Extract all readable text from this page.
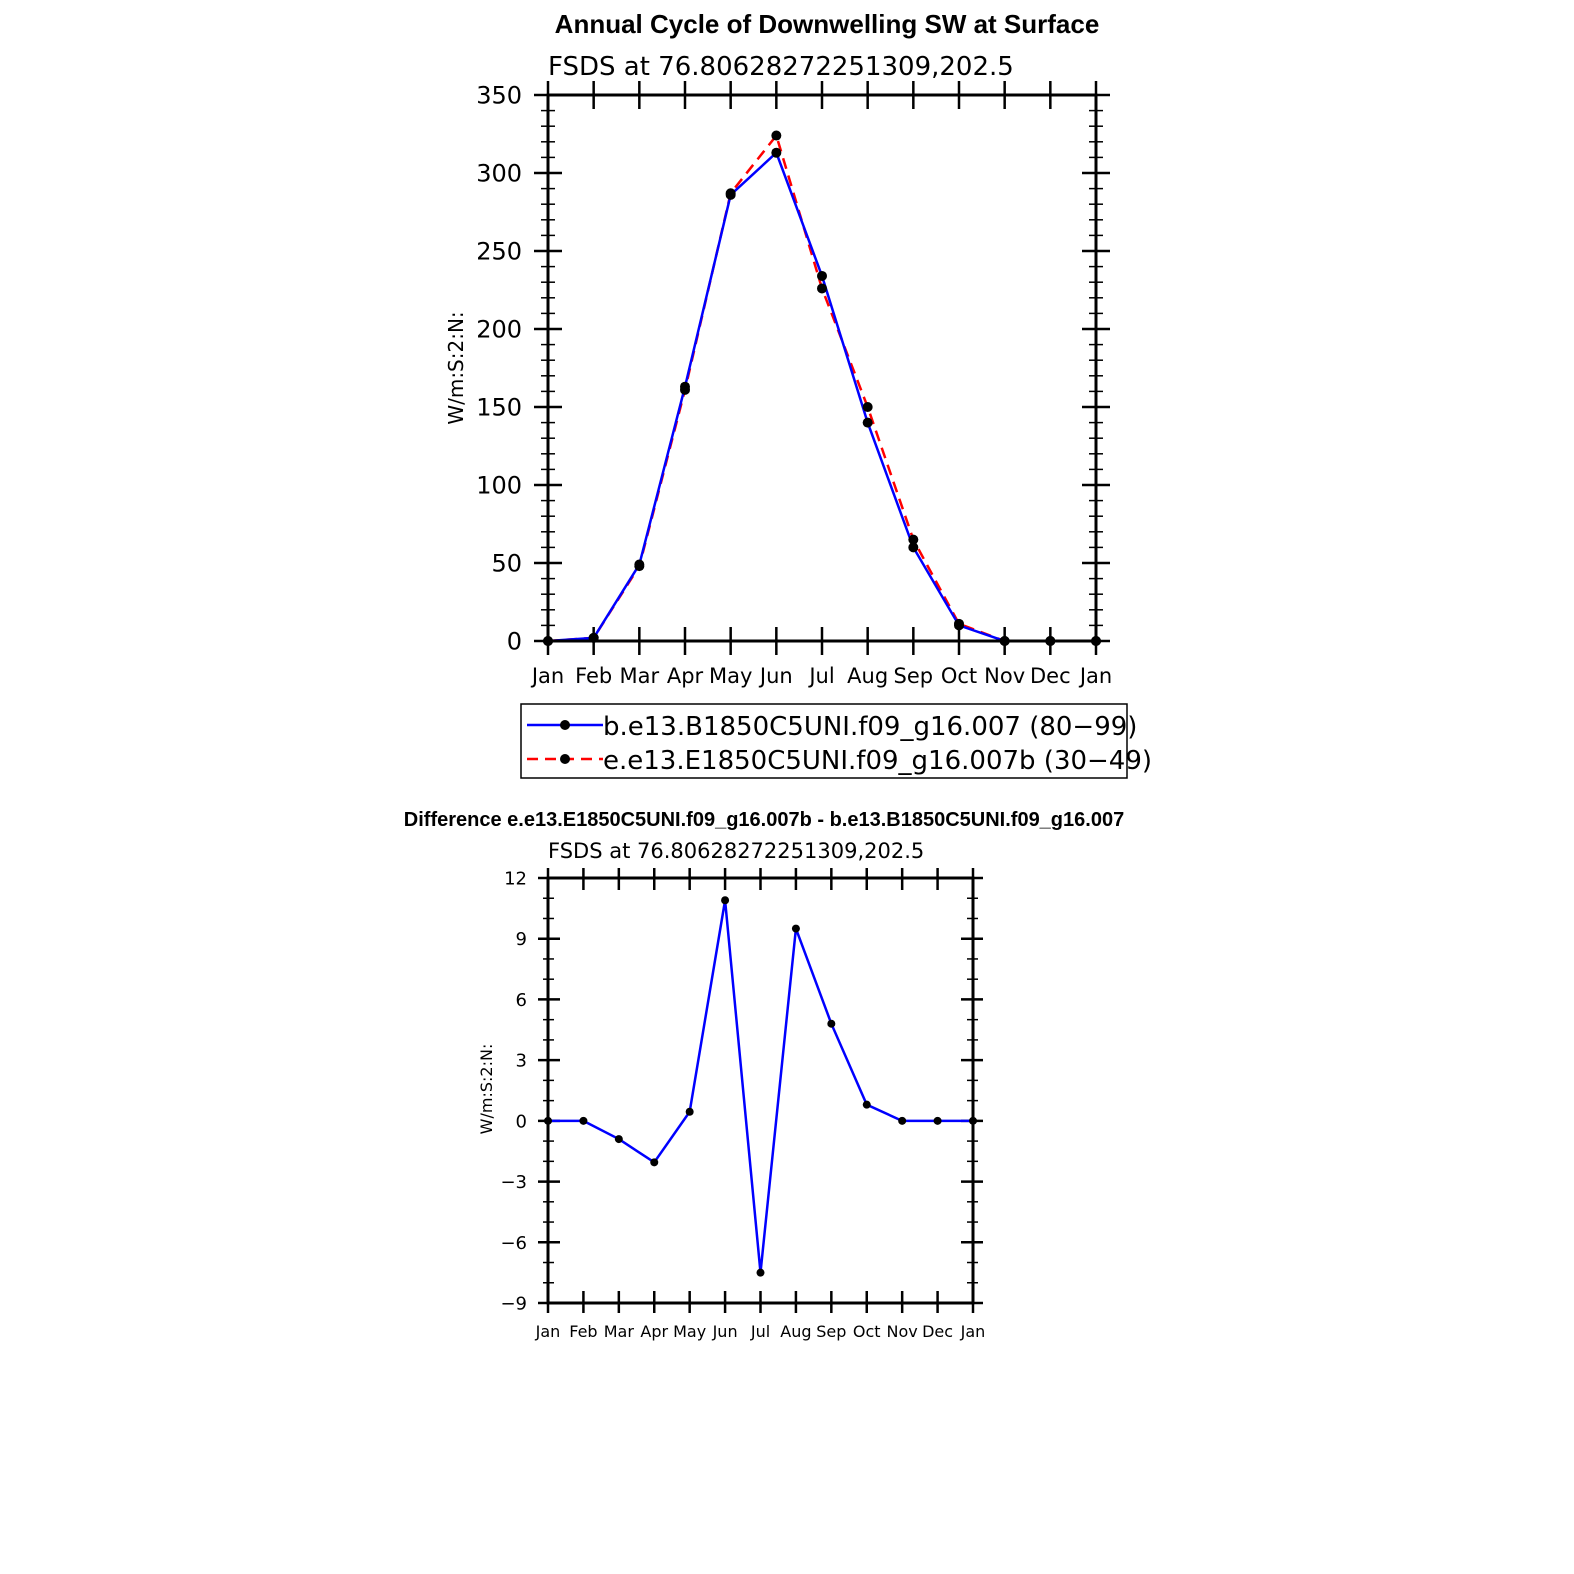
Annual Cycle of Downwelling SW at Surface
FSDS at 76.80628272251309,202.5
W/m:S:2:N:
0
50
100
150
200
250
300
350
Jan Feb Mar Apr May Jun Jul Aug Sep Oct Nov Dec Jan
b.e13.B1850C5UNI.f09_g16.007 (80−99)
e.e13.E1850C5UNI.f09_g16.007b (30−49)
Difference e.e13.E1850C5UNI.f09_g16.007b - b.e13.B1850C5UNI.f09_g16.007
FSDS at 76.80628272251309,202.5
W/m:S:2:N:
−9
−6
−3
0
3
6
9
12
Jan Feb Mar Apr May Jun Jul Aug Sep Oct Nov Dec Jan
